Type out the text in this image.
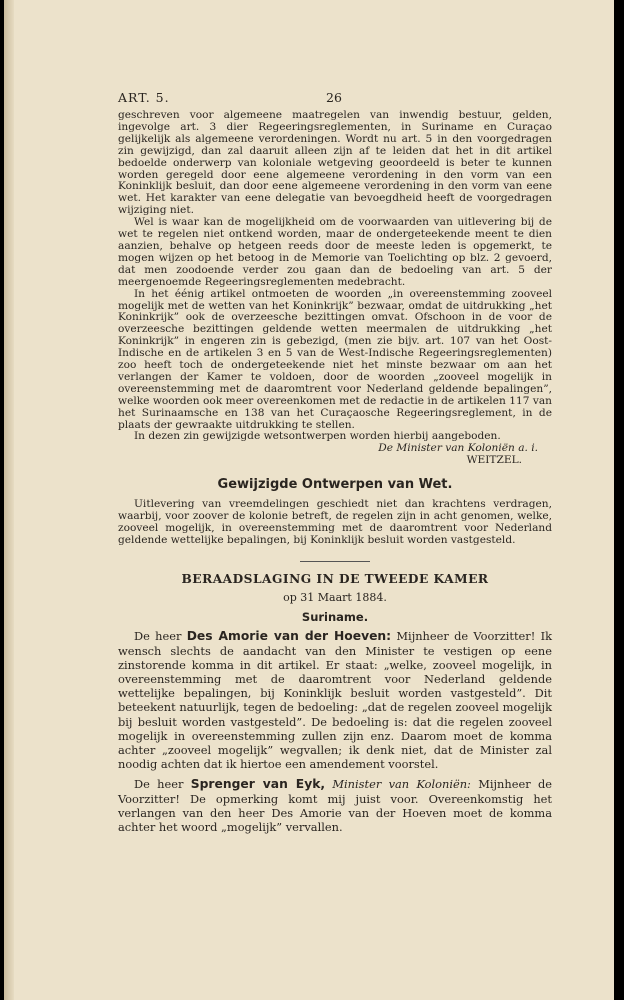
ART. 5.	26

geschreven voor algemeene maatregelen van inwendig bestuur, gelden, ingevolge art. 3 dier Regeeringsreglementen, in Suriname en Curaçao gelijkelijk als algemeene verordeningen. Wordt nu art. 5 in den voorgedragen zin gewijzigd, dan zal daaruit alleen zijn af te leiden dat het in dit artikel bedoelde onderwerp van koloniale wetgeving geoordeeld is beter te kunnen worden geregeld door eene algemeene verordening in den vorm van een Koninklijk besluit, dan door eene algemeene verordening in den vorm van eene wet. Het karakter van eene delegatie van bevoegdheid heeft de voorgedragen wijziging niet.

Wel is waar kan de mogelijkheid om de voorwaarden van uitlevering bij de wet te regelen niet ontkend worden, maar de ondergeteekende meent te dien aanzien, behalve op hetgeen reeds door de meeste leden is opgemerkt, te mogen wijzen op het betoog in de Memorie van Toelichting op blz. 2 gevoerd, dat men zoodoende verder zou gaan dan de bedoeling van art. 5 der meergenoemde Regeeringsreglementen medebracht.

In het éénig artikel ontmoeten de woorden „in overeenstemming zooveel mogelijk met de wetten van het Koninkrijk” bezwaar, omdat de uitdrukking „het Koninkrijk” ook de overzeesche bezittingen omvat. Ofschoon in de voor de overzeesche bezittingen geldende wetten meermalen de uitdrukking „het Koninkrijk” in engeren zin is gebezigd, (men zie bijv. art. 107 van het Oost-Indische en de artikelen 3 en 5 van de West-Indische Regeeringsreglementen) zoo heeft toch de ondergeteekende niet het minste bezwaar om aan het verlangen der Kamer te voldoen, door de woorden „zooveel mogelijk in overeenstemming met de daaromtrent voor Nederland geldende bepalingen”, welke woorden ook meer overeenkomen met de redactie in de artikelen 117 van het Surinaamsche en 138 van het Curaçaosche Regeeringsreglement, in de plaats der gewraakte uitdrukking te stellen.

In dezen zin gewijzigde wetsontwerpen worden hierbij aangeboden.

De Minister van Koloniën a. i.

WEITZEL.

Gewijzigde Ontwerpen van Wet.

Uitlevering van vreemdelingen geschiedt niet dan krachtens verdragen, waarbij, voor zoover de kolonie betreft, de regelen zijn in acht genomen, welke, zooveel mogelijk, in overeenstemming met de daaromtrent voor Nederland geldende wettelijke bepalingen, bij Koninklijk besluit worden vastgesteld.

BERAADSLAGING IN DE TWEEDE KAMER
op 31 Maart 1884.
Suriname.

De heer Des Amorie van der Hoeven: Mijnheer de Voorzitter! Ik wensch slechts de aandacht van den Minister te vestigen op eene zinstorende komma in dit artikel. Er staat: „welke, zooveel mogelijk, in overeenstemming met de daaromtrent voor Nederland geldende wettelijke bepalingen, bij Koninklijk besluit worden vastgesteld”. Dit beteekent natuurlijk, tegen de bedoeling: „dat de regelen zooveel mogelijk bij besluit worden vastgesteld”. De bedoeling is: dat die regelen zooveel mogelijk in overeenstemming zullen zijn enz. Daarom moet de komma achter „zooveel mogelijk” wegvallen; ik denk niet, dat de Minister zal noodig achten dat ik hiertoe een amendement voorstel.

De heer Sprenger van Eyk, Minister van Koloniën: Mijnheer de Voorzitter! De opmerking komt mij juist voor. Overeenkomstig het verlangen van den heer Des Amorie van der Hoeven moet de komma achter het woord „mogelijk” vervallen.
